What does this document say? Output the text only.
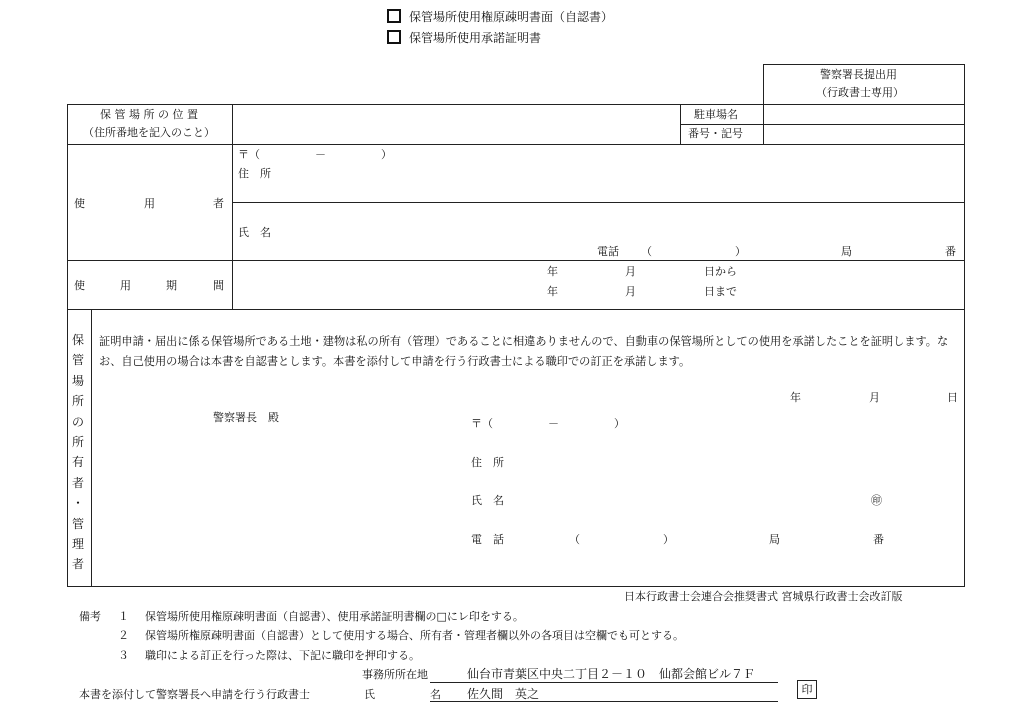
保管場所使用権原疎明書面（自認書）
保管場所使用承諾証明書
警察署長提出用
（行政書士専用）
保 管 場 所 の 位 置
（住所番地を記入のこと）
駐車場名
番号・記号
使	用	者
〒（　　　　　－　　　　　）
住　所
氏　名
電話 （	）	局	番
使	用	期	間
年	月	日から
年	月	日まで
保
管
場
所
の
所
有
者
・
管
理
者
証明申請・届出に係る保管場所である土地・建物は私の所有（管理）であることに相違ありませんので、自動車の保管場所としての使用を承諾したことを証明します。なお、自己使用の場合は本書を自認書とします。本書を添付して申請を行う行政書士による職印での訂正を承諾します。
年	月	日
警察署長　殿	〒（　　　　　－　　　　　）
住　所
氏　名	㊞
電　話	（	）	局	番
日本行政書士会連合会推奨書式 宮城県行政書士会改訂版
備考 １ 保管場所使用権原疎明書面（自認書）、使用承諾証明書欄の□にレ印をする。
２ 保管場所権原疎明書面（自認書）として使用する場合、所有者・管理者欄以外の各項目は空欄でも可とする。
３ 職印による訂正を行った際は、下記に職印を押印する。
事務所所在地	仙台市青葉区中央二丁目２－１０　仙都会館ビル７Ｆ
本書を添付して警察署長へ申請を行う行政書士	氏	名 佐久間　英之	印
